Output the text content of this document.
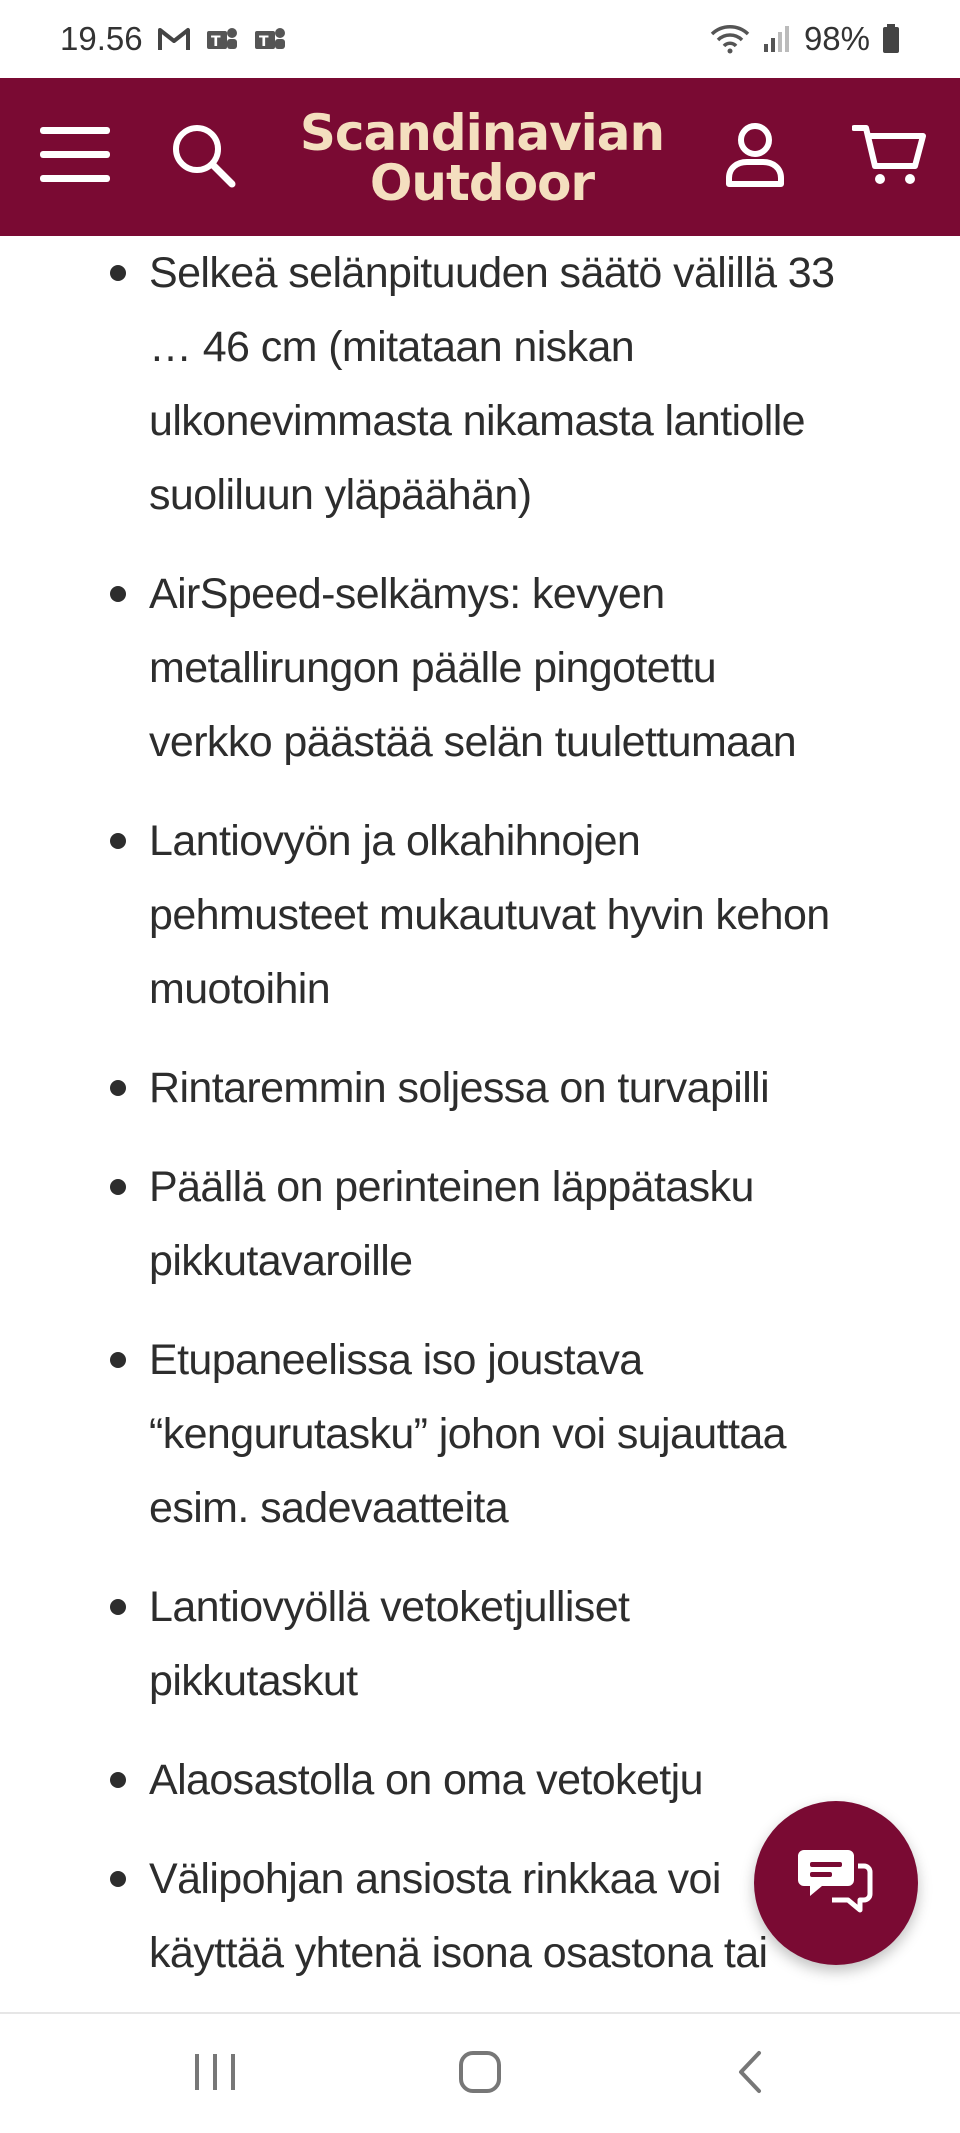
19.56	T	T	98%
Scandinavian
Outdoor
Selkeä selänpituuden säätö välillä 33
… 46 cm (mitataan niskan
ulkonevimmasta nikamasta lantiolle
suoliluun yläpäähän)
AirSpeed-selkämys: kevyen
metallirungon päälle pingotettu
verkko päästää selän tuulettumaan
Lantiovyön ja olkahihnojen
pehmusteet mukautuvat hyvin kehon
muotoihin
Rintaremmin soljessa on turvapilli
Päällä on perinteinen läppätasku
pikkutavaroille
Etupaneelissa iso joustava
“kengurutasku” johon voi sujauttaa
esim. sadevaatteita
Lantiovyöllä vetoketjulliset
pikkutaskut
Alaosastolla on oma vetoketju
Välipohjan ansiosta rinkkaa voi
käyttää yhtenä isona osastona tai
